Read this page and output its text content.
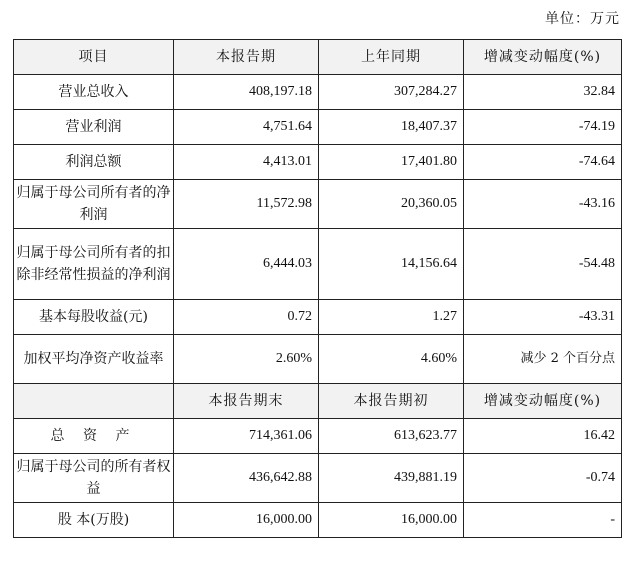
单位：万元
项目	本报告期	上年同期	增减变动幅度(%)
营业总收入	408,197.18	307,284.27	32.84
营业利润	4,751.64	18,407.37	-74.19
利润总额	4,413.01	17,401.80	-74.64
归属于母公司所有者的净利润	11,572.98	20,360.05	-43.16
归属于母公司所有者的扣除非经常性损益的净利润	6,444.03	14,156.64	-54.48
基本每股收益(元)	0.72	1.27	-43.31
加权平均净资产收益率	2.60%	4.60%	减少 2 个百分点
	本报告期末	本报告期初	增减变动幅度(%)
总 资 产	714,361.06	613,623.77	16.42
归属于母公司的所有者权益	436,642.88	439,881.19	-0.74
股 本(万股)	16,000.00	16,000.00	-
